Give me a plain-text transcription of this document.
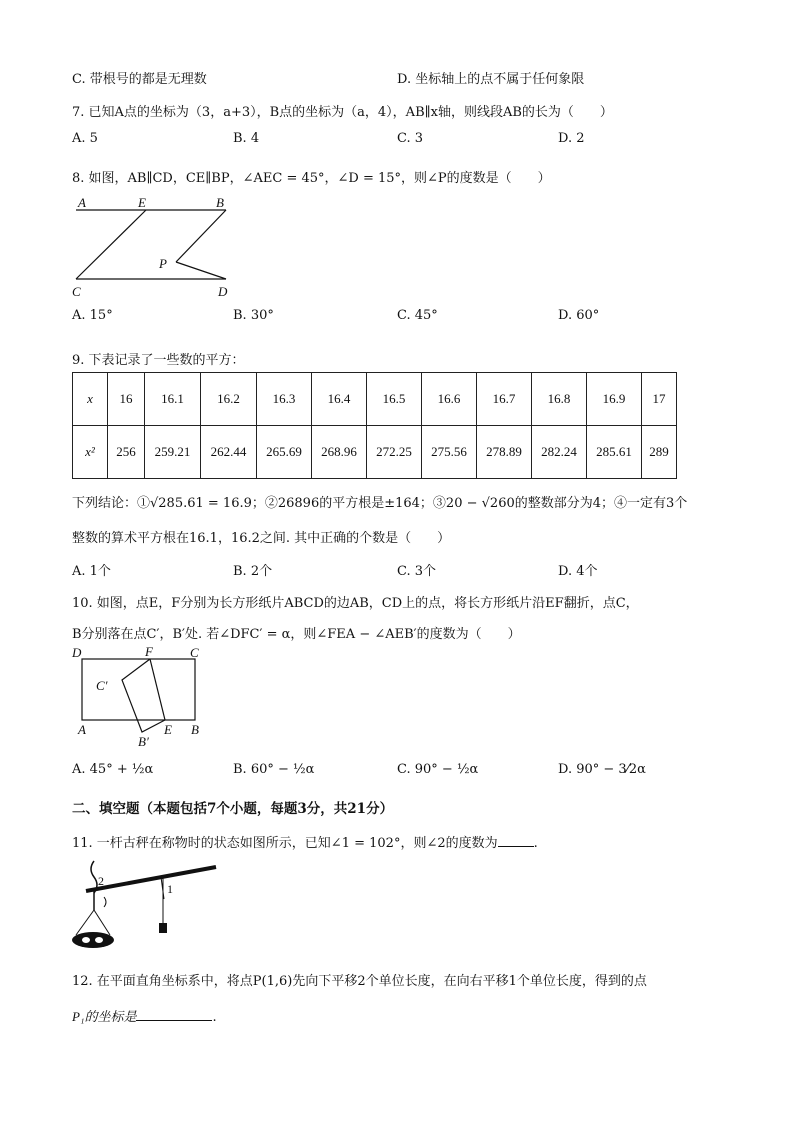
C. 带根号的都是无理数	D. 坐标轴上的点不属于任何象限
7. 已知A点的坐标为（3，a+3），B点的坐标为（a，4），AB∥x轴，则线段AB的长为（　　）
A. 5	B. 4	C. 3	D. 2
8. 如图，AB∥CD，CE∥BP，∠AEC = 45°，∠D = 15°，则∠P的度数是（　　）
A	E	B
P
C	D
A. 15°	B. 30°	C. 45°	D. 60°
9. 下表记录了一些数的平方：
x	16	16.1	16.2	16.3	16.4	16.5	16.6	16.7	16.8	16.9	17
x²	256	259.21	262.44	265.69	268.96	272.25	275.56	278.89	282.24	285.61	289
下列结论：①√285.61 = 16.9；②26896的平方根是±164；③20 − √260的整数部分为4；④一定有3个
整数的算术平方根在16.1，16.2之间. 其中正确的个数是（　　）
A. 1个	B. 2个	C. 3个	D. 4个
10. 如图，点E，F分别为长方形纸片ABCD的边AB，CD上的点，将长方形纸片沿EF翻折，点C，
B分别落在点C′，B′处. 若∠DFC′ = α，则∠FEA − ∠AEB′的度数为（　　）
D	F	C
C′
A	E B
B′
A. 45° + ½α	B. 60° − ½α	C. 90° − ½α	D. 90° − 3⁄2α
二、填空题（本题包括7个小题，每题3分，共21分）
11. 一杆古秤在称物时的状态如图所示，已知∠1 = 102°，则∠2的度数为	.
2
1
12. 在平面直角坐标系中，将点P(1,6)先向下平移2个单位长度，在向右平移1个单位长度，得到的点
P₁的坐标是	.
